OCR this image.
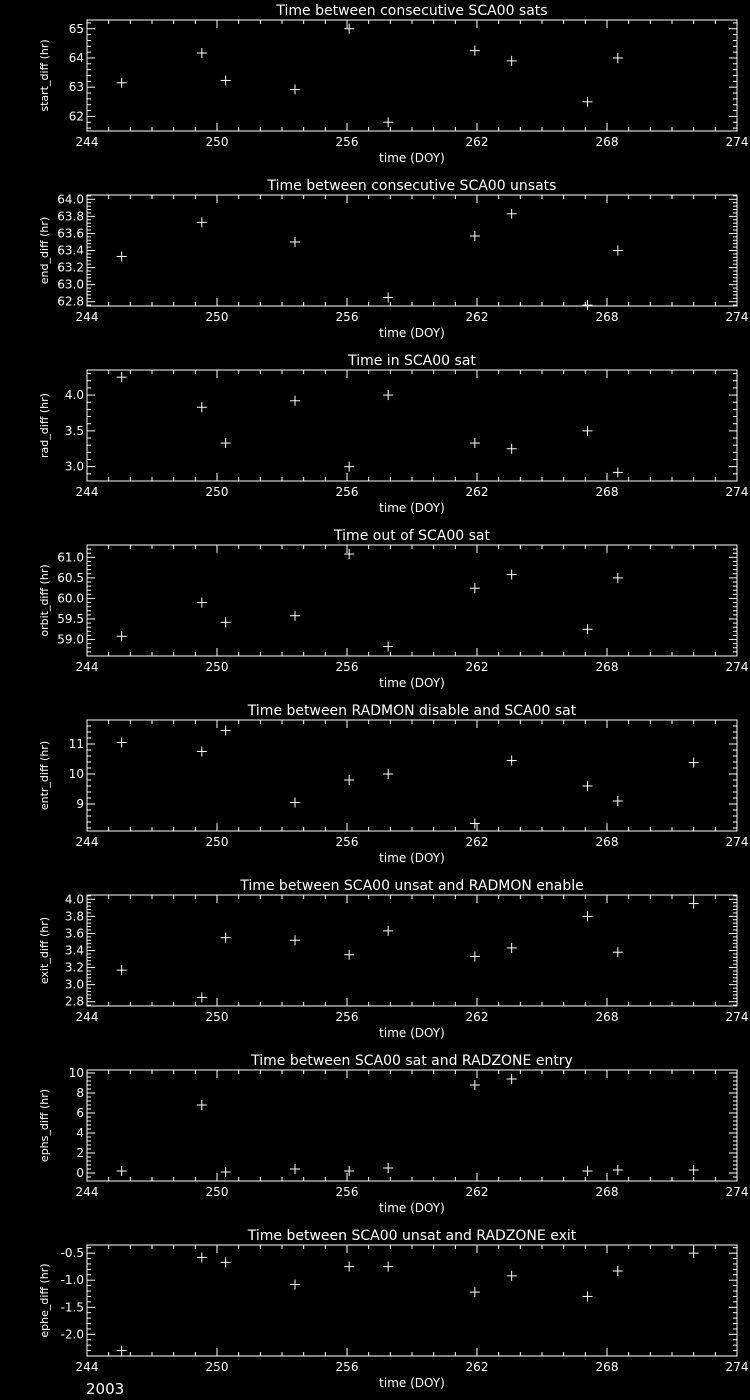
Time between consecutive SCA00 sats
244	250	256	262	268	274
time (DOY)
62
63
64
65
start_diff (hr)
Time between consecutive SCA00 unsats
244	250	256	262	268	274
time (DOY)
62.8
63.0
63.2
63.4
63.6
63.8
64.0
end_diff (hr)
Time in SCA00 sat
244	250	256	262	268	274
time (DOY)
3.0
3.5
4.0
rad_diff (hr)
Time out of SCA00 sat
244	250	256	262	268	274
time (DOY)
59.0
59.5
60.0
60.5
61.0
orbit_diff (hr)
Time between RADMON disable and SCA00 sat
244	250	256	262	268	274
time (DOY)
9
10
11
entr_diff (hr)
Time between SCA00 unsat and RADMON enable
244	250	256	262	268	274
time (DOY)
2.8
3.0
3.2
3.4
3.6
3.8
4.0
exit_diff (hr)
Time between SCA00 sat and RADZONE entry
244	250	256	262	268	274
time (DOY)
0
2
4
6
8
10
ephs_diff (hr)
Time between SCA00 unsat and RADZONE exit
244	250	256	262	268	274
time (DOY)
-2.0
-1.5
-1.0
-0.5
ephe_diff (hr)
2003
